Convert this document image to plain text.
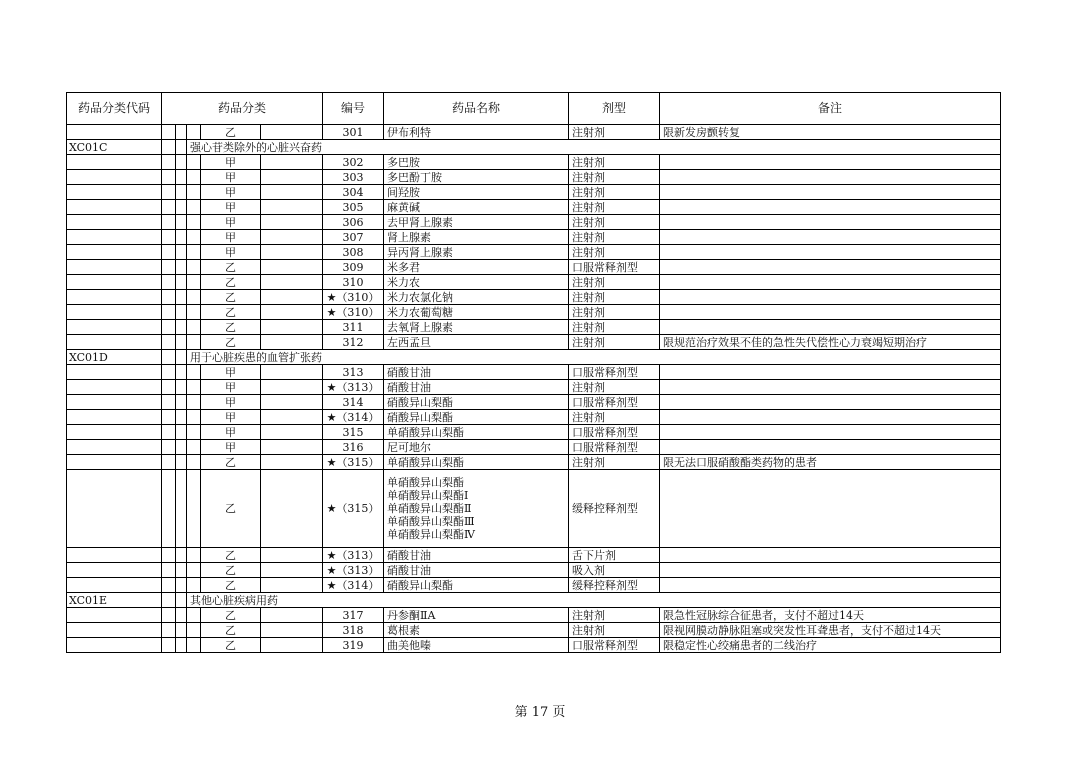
药品分类代码	药品分类					编号	药品名称	剂型	备注
				乙		301	伊布利特	注射剂	限新发房颤转复
XC01C			强心苷类除外的心脏兴奋药						
				甲		302	多巴胺	注射剂	
				甲		303	多巴酚丁胺	注射剂	
				甲		304	间羟胺	注射剂	
				甲		305	麻黄碱	注射剂	
				甲		306	去甲肾上腺素	注射剂	
				甲		307	肾上腺素	注射剂	
				甲		308	异丙肾上腺素	注射剂	
				乙		309	米多君	口服常释剂型	
				乙		310	米力农	注射剂	
				乙		★（310）	米力农氯化钠	注射剂	
				乙		★（310）	米力农葡萄糖	注射剂	
				乙		311	去氧肾上腺素	注射剂	
				乙		312	左西孟旦	注射剂	限规范治疗效果不佳的急性失代偿性心力衰竭短期治疗
XC01D			用于心脏疾患的血管扩张药						
				甲		313	硝酸甘油	口服常释剂型	
				甲		★（313）	硝酸甘油	注射剂	
				甲		314	硝酸异山梨酯	口服常释剂型	
				甲		★（314）	硝酸异山梨酯	注射剂	
				甲		315	单硝酸异山梨酯	口服常释剂型	
				甲		316	尼可地尔	口服常释剂型	
				乙		★（315）	单硝酸异山梨酯	注射剂	限无法口服硝酸酯类药物的患者
				乙		★（315）	单硝酸异山梨酯
单硝酸异山梨酯Ⅰ
单硝酸异山梨酯Ⅱ
单硝酸异山梨酯Ⅲ
单硝酸异山梨酯Ⅳ	缓释控释剂型	
				乙		★（313）	硝酸甘油	舌下片剂	
				乙		★（313）	硝酸甘油	吸入剂	
				乙		★（314）	硝酸异山梨酯	缓释控释剂型	
XC01E			其他心脏疾病用药						
				乙		317	丹参酮ⅡA	注射剂	限急性冠脉综合征患者，支付不超过14天
				乙		318	葛根素	注射剂	限视网膜动静脉阻塞或突发性耳聋患者，支付不超过14天
				乙		319	曲美他嗪	口服常释剂型	限稳定性心绞痛患者的二线治疗
第 17 页
